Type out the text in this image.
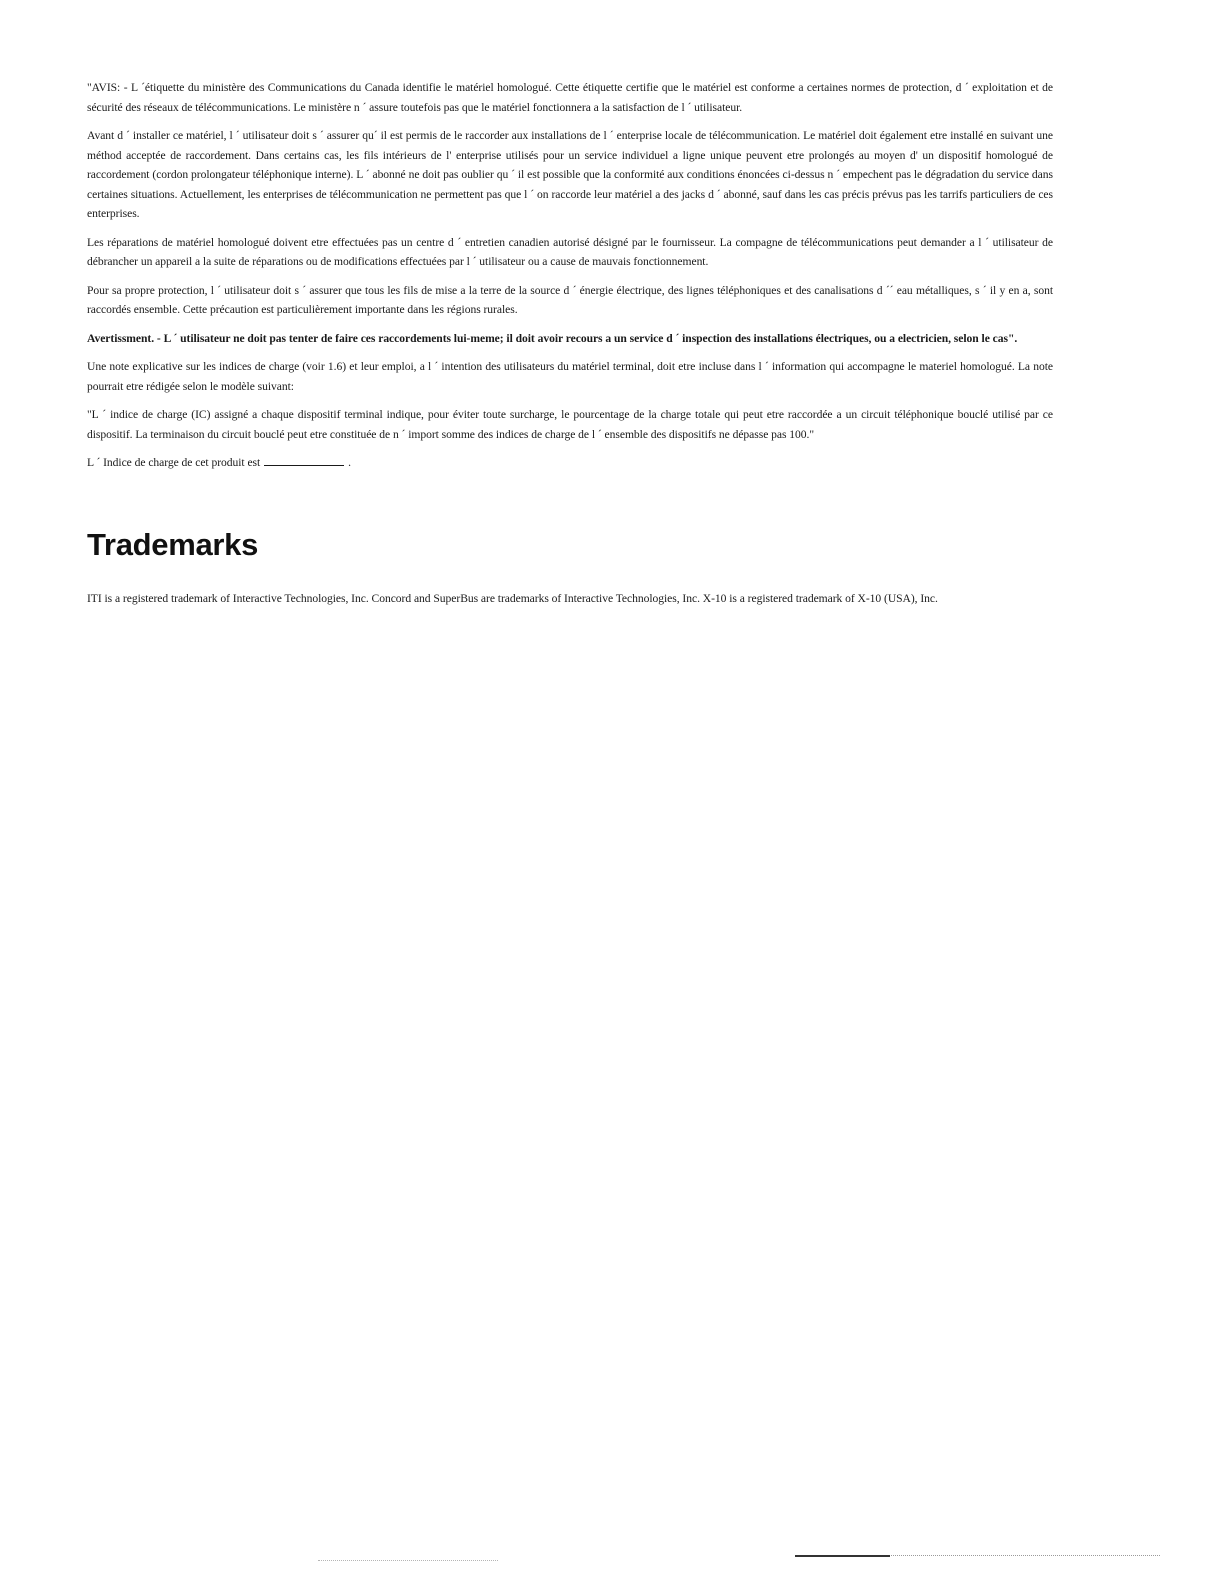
"AVIS: - L ´étiquette du ministère des Communications du Canada identifie le matériel homologué. Cette étiquette certifie que le matériel est conforme a certaines normes de protection, d ´ exploitation et de sécurité des réseaux de télécommunications. Le ministère n ´ assure toutefois pas que le matériel fonctionnera a la satisfaction de l ´ utilisateur.

Avant d ´ installer ce matériel, l ´ utilisateur doit s ´ assurer qu´ il est permis de le raccorder aux installations de l ´ enterprise locale de télécommunication. Le matériel doit également etre installé en suivant une méthod acceptée de raccordement. Dans certains cas, les fils intérieurs de l' enterprise utilisés pour un service individuel a ligne unique peuvent etre prolongés au moyen d' un dispositif homologué de raccordement (cordon prolongateur téléphonique interne). L ´ abonné ne doit pas oublier qu ´ il est possible que la conformité aux conditions énoncées ci-dessus n ´ empechent pas le dégradation du service dans certaines situations. Actuellement, les enterprises de télécommunication ne permettent pas que l ´ on raccorde leur matériel a des jacks d ´ abonné, sauf dans les cas précis prévus pas les tarrifs particuliers de ces enterprises.

Les réparations de matériel homologué doivent etre effectuées pas un centre d ´ entretien canadien autorisé désigné par le fournisseur. La compagne de télécommunications peut demander a l ´ utilisateur de débrancher un appareil a la suite de réparations ou de modifications effectuées par l ´ utilisateur ou a cause de mauvais fonctionnement.

Pour sa propre protection, l ´ utilisateur doit s ´ assurer que tous les fils de mise a la terre de la source d ´ énergie électrique, des lignes téléphoniques et des canalisations d ´´ eau métalliques, s ´ il y en a, sont raccordés ensemble. Cette précaution est particulièrement importante dans les régions rurales.

Avertissment. - L ´ utilisateur ne doit pas tenter de faire ces raccordements lui-meme; il doit avoir recours a un service d ´ inspection des installations électriques, ou a electricien, selon le cas".

Une note explicative sur les indices de charge (voir 1.6) et leur emploi, a l ´ intention des utilisateurs du matériel terminal, doit etre incluse dans l ´ information qui accompagne le materiel homologué. La note pourrait etre rédigée selon le modèle suivant:

"L ´ indice de charge (IC) assigné a chaque dispositif terminal indique, pour éviter toute surcharge, le pourcentage de la charge totale qui peut etre raccordée a un circuit téléphonique bouclé utilisé par ce dispositif. La terminaison du circuit bouclé peut etre constituée de n ´ import somme des indices de charge de l ´ ensemble des dispositifs ne dépasse pas 100."

L ´ Indice de charge de cet produit est	.

Trademarks

ITI is a registered trademark of Interactive Technologies, Inc. Concord and SuperBus are trademarks of Interactive Technologies, Inc. X-10 is a registered trademark of X-10 (USA), Inc.
